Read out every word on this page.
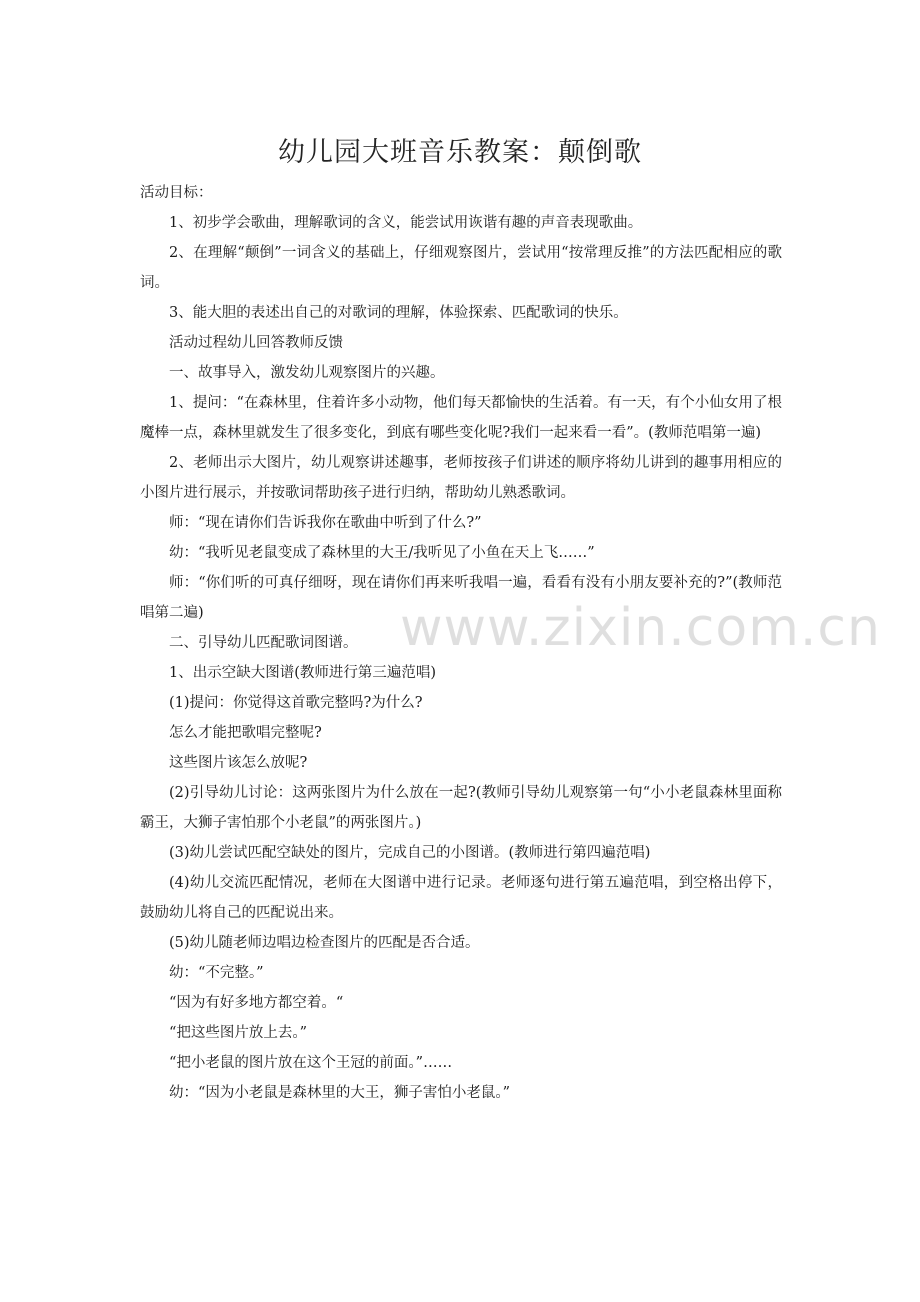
幼儿园大班音乐教案：颠倒歌

活动目标：

1、初步学会歌曲，理解歌词的含义，能尝试用诙谐有趣的声音表现歌曲。

2、在理解“颠倒”一词含义的基础上，仔细观察图片，尝试用“按常理反推”的方法匹配相应的歌词。

3、能大胆的表述出自己的对歌词的理解，体验探索、匹配歌词的快乐。

活动过程幼儿回答教师反馈

一、故事导入，激发幼儿观察图片的兴趣。

1、提问：“在森林里，住着许多小动物，他们每天都愉快的生活着。有一天，有个小仙女用了根魔棒一点，森林里就发生了很多变化，到底有哪些变化呢?我们一起来看一看”。(教师范唱第一遍)

2、老师出示大图片，幼儿观察讲述趣事，老师按孩子们讲述的顺序将幼儿讲到的趣事用相应的小图片进行展示，并按歌词帮助孩子进行归纳，帮助幼儿熟悉歌词。

师：“现在请你们告诉我你在歌曲中听到了什么?”

幼：“我听见老鼠变成了森林里的大王/我听见了小鱼在天上飞……”

师：“你们听的可真仔细呀，现在请你们再来听我唱一遍，看看有没有小朋友要补充的?”(教师范唱第二遍)

二、引导幼儿匹配歌词图谱。

1、出示空缺大图谱(教师进行第三遍范唱)

(1)提问：你觉得这首歌完整吗?为什么?

怎么才能把歌唱完整呢?

这些图片该怎么放呢?

(2)引导幼儿讨论：这两张图片为什么放在一起?(教师引导幼儿观察第一句“小小老鼠森林里面称霸王，大狮子害怕那个小老鼠”的两张图片。)

(3)幼儿尝试匹配空缺处的图片，完成自己的小图谱。(教师进行第四遍范唱)

(4)幼儿交流匹配情况，老师在大图谱中进行记录。老师逐句进行第五遍范唱，到空格出停下，鼓励幼儿将自己的匹配说出来。

(5)幼儿随老师边唱边检查图片的匹配是否合适。

幼：“不完整。”

“因为有好多地方都空着。“

“把这些图片放上去。”

“把小老鼠的图片放在这个王冠的前面。”……

幼：“因为小老鼠是森林里的大王，狮子害怕小老鼠。”

www.zixin.com.cn
